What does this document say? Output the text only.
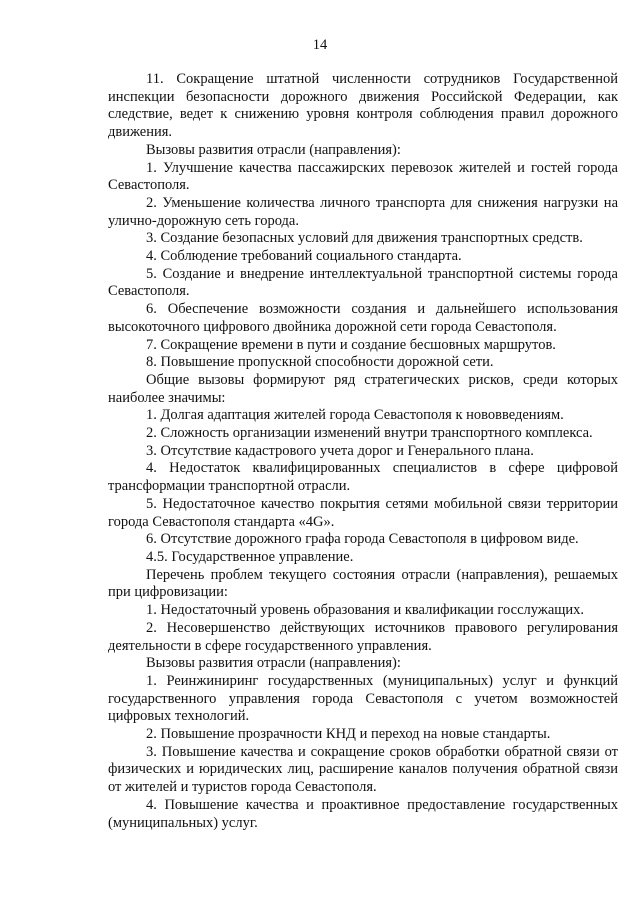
14

11. Сокращение штатной численности сотрудников Государственной инспекции безопасности дорожного движения Российской Федерации, как следствие, ведет к снижению уровня контроля соблюдения правил дорожного движения.

Вызовы развития отрасли (направления):

1. Улучшение качества пассажирских перевозок жителей и гостей города Севастополя.

2. Уменьшение количества личного транспорта для снижения нагрузки на улично-дорожную сеть города.

3. Создание безопасных условий для движения транспортных средств.

4. Соблюдение требований социального стандарта.

5. Создание и внедрение интеллектуальной транспортной системы города Севастополя.

6. Обеспечение возможности создания и дальнейшего использования высокоточного цифрового двойника дорожной сети города Севастополя.

7. Сокращение времени в пути и создание бесшовных маршрутов.

8. Повышение пропускной способности дорожной сети.

Общие вызовы формируют ряд стратегических рисков, среди которых наиболее значимы:

1. Долгая адаптация жителей города Севастополя к нововведениям.

2. Сложность организации изменений внутри транспортного комплекса.

3. Отсутствие кадастрового учета дорог и Генерального плана.

4. Недостаток квалифицированных специалистов в сфере цифровой трансформации транспортной отрасли.

5. Недостаточное качество покрытия сетями мобильной связи территории города Севастополя стандарта «4G».

6. Отсутствие дорожного графа города Севастополя в цифровом виде.

4.5. Государственное управление.

Перечень проблем текущего состояния отрасли (направления), решаемых при цифровизации:

1. Недостаточный уровень образования и квалификации госслужащих.

2. Несовершенство действующих источников правового регулирования деятельности в сфере государственного управления.

Вызовы развития отрасли (направления):

1. Реинжиниринг государственных (муниципальных) услуг и функций государственного управления города Севастополя с учетом возможностей цифровых технологий.

2. Повышение прозрачности КНД и переход на новые стандарты.

3. Повышение качества и сокращение сроков обработки обратной связи от физических и юридических лиц, расширение каналов получения обратной связи от жителей и туристов города Севастополя.

4. Повышение качества и проактивное предоставление государственных (муниципальных) услуг.
